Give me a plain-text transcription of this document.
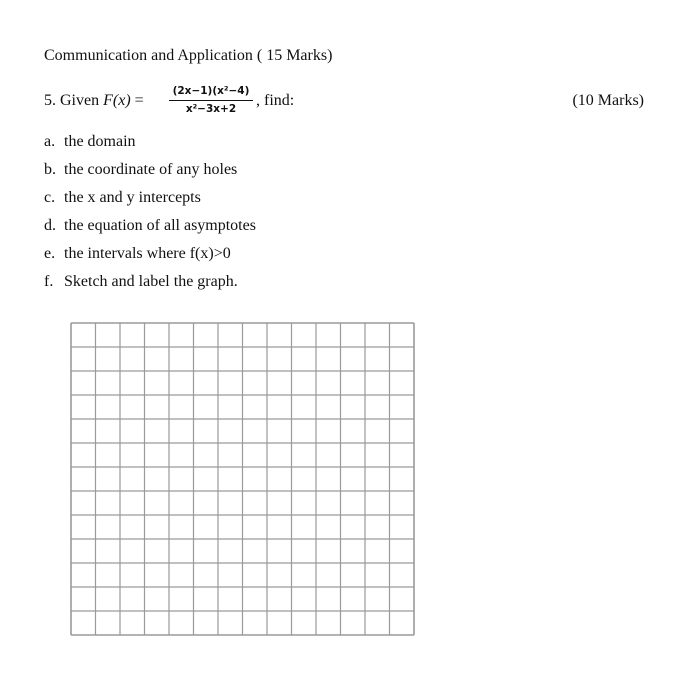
Communication and Application ( 15 Marks)
5. Given F(x) =
(2x−1)(x²−4)
x²−3x+2	, find:	(10 Marks)
a. the domain
b. the coordinate of any holes
c. the x and y intercepts
d. the equation of all asymptotes
e. the intervals where f(x)>0
f. Sketch and label the graph.
